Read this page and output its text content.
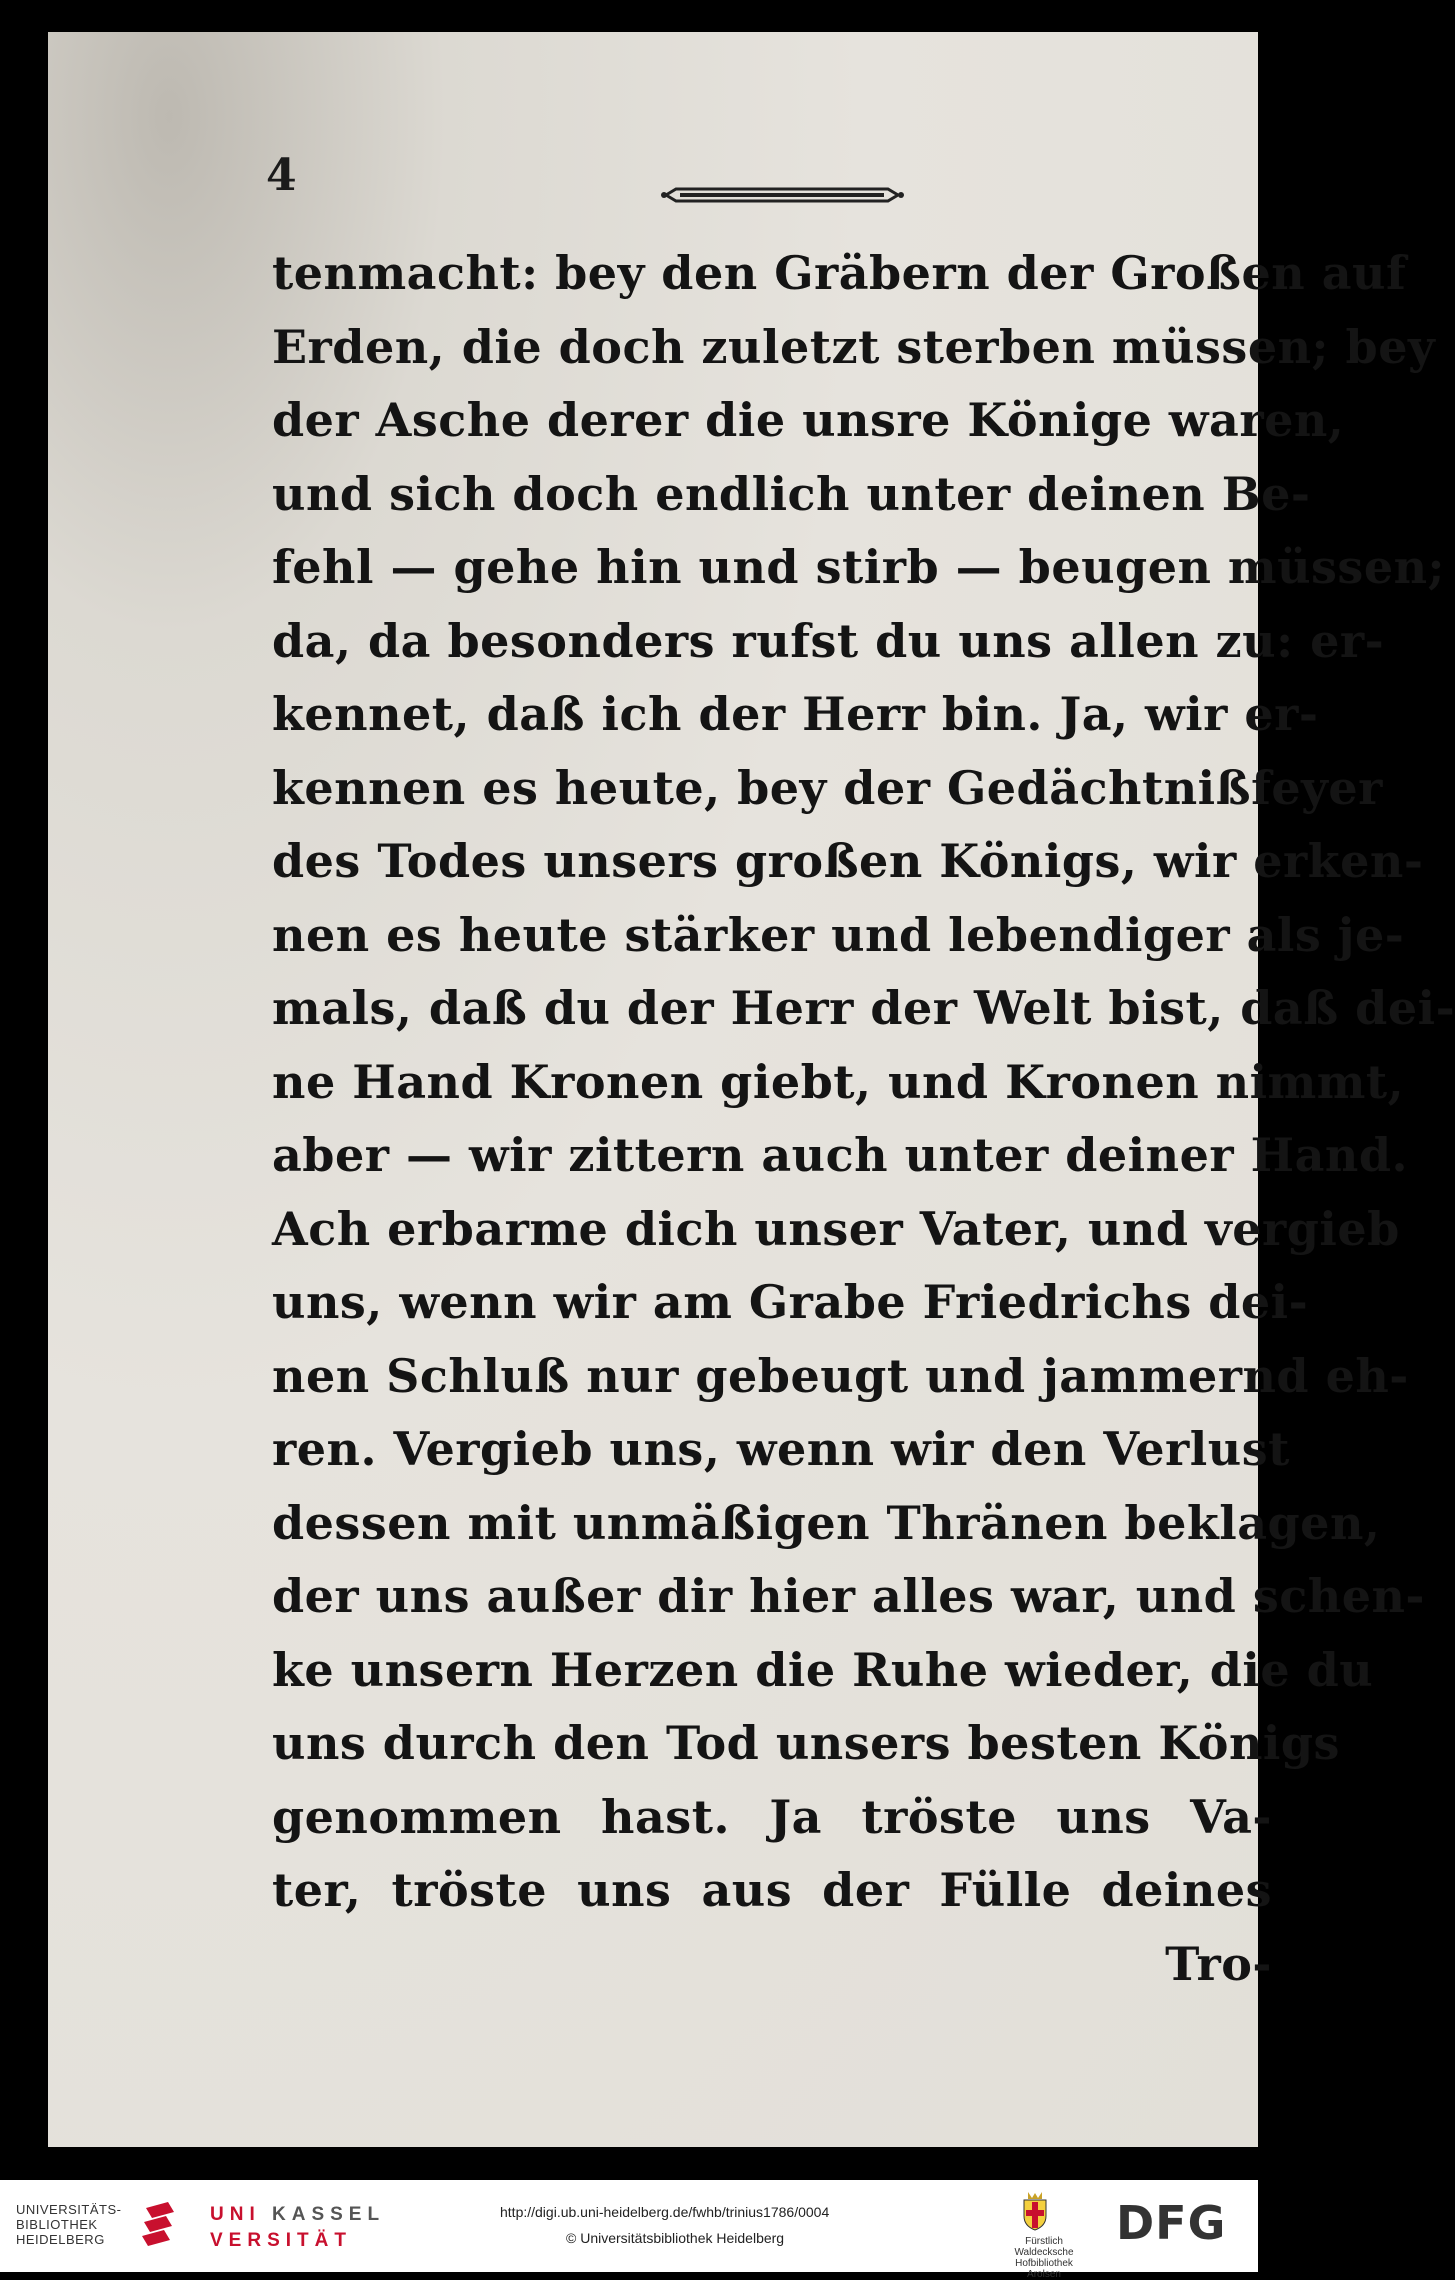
4
tenmacht: bey den Gräbern der Großen auf
Erden, die doch zuletzt sterben müssen; bey
der Asche derer die unsre Könige waren,
und sich doch endlich unter deinen Be-
fehl — gehe hin und stirb — beugen müssen;
da, da besonders rufst du uns allen zu: er-
kennet, daß ich der Herr bin. Ja, wir er-
kennen es heute, bey der Gedächtnißfeyer
des Todes unsers großen Königs, wir erken-
nen es heute stärker und lebendiger als je-
mals, daß du der Herr der Welt bist, daß dei-
ne Hand Kronen giebt, und Kronen nimmt,
aber — wir zittern auch unter deiner Hand.
Ach erbarme dich unser Vater, und vergieb
uns, wenn wir am Grabe Friedrichs dei-
nen Schluß nur gebeugt und jammernd eh-
ren. Vergieb uns, wenn wir den Verlust
dessen mit unmäßigen Thränen beklagen,
der uns außer dir hier alles war, und schen-
ke unsern Herzen die Ruhe wieder, die du
uns durch den Tod unsers besten Königs
genommen hast. Ja tröste uns Va-
ter, tröste uns aus der Fülle deines
Tro-
UNIVERSITÄTS-
BIBLIOTHEK
HEIDELBERG
UNI KASSEL
VERSITÄT
http://digi.ub.uni-heidelberg.de/fwhb/trinius1786/0004
© Universitätsbibliothek Heidelberg	Fürstlich Waldecksche
Hofbibliothek Arolsen
DFG
